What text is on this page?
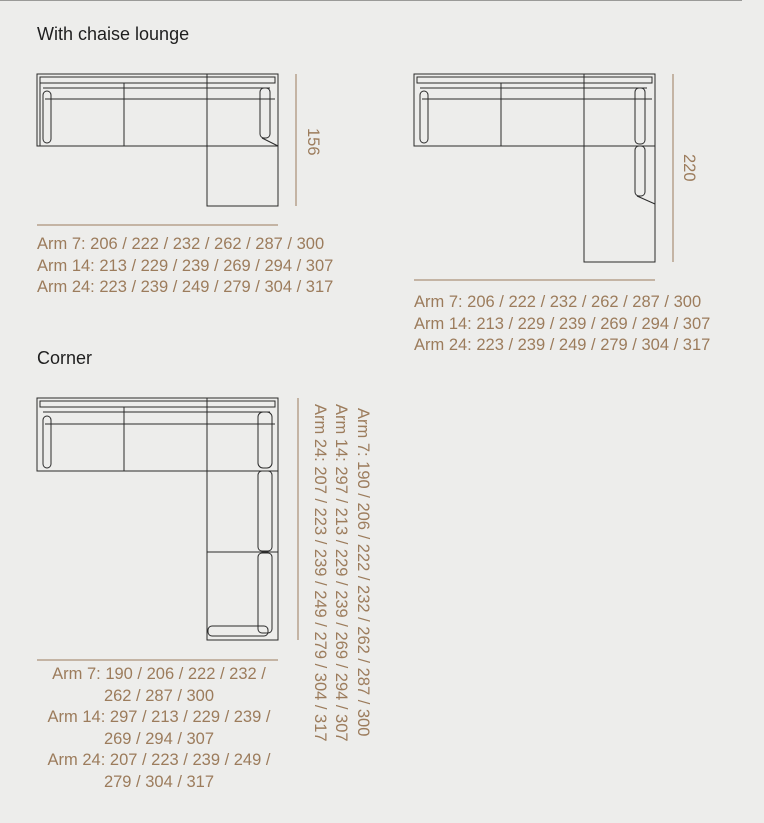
With chaise lounge
Corner
156
220
Arm 7: 206 / 222 / 232 / 262 / 287 / 300
Arm 14: 213 / 229 / 239 / 269 / 294 / 307
Arm 24: 223 / 239 / 249 / 279 / 304 / 317
Arm 7: 206 / 222 / 232 / 262 / 287 / 300
Arm 14: 213 / 229 / 239 / 269 / 294 / 307
Arm 24: 223 / 239 / 249 / 279 / 304 / 317
Arm 7: 190 / 206 / 222 / 232 /
262 / 287 / 300
Arm 14: 297 / 213 / 229 / 239 /
269 / 294 / 307
Arm 24: 207 / 223 / 239 / 249 /
279 / 304 / 317
Arm 7: 190 / 206 / 222 / 232 / 262 / 287 / 300
Arm 14: 297 / 213 / 229 / 239 / 269 / 294 / 307
Arm 24: 207 / 223 / 239 / 249 / 279 / 304 / 317
